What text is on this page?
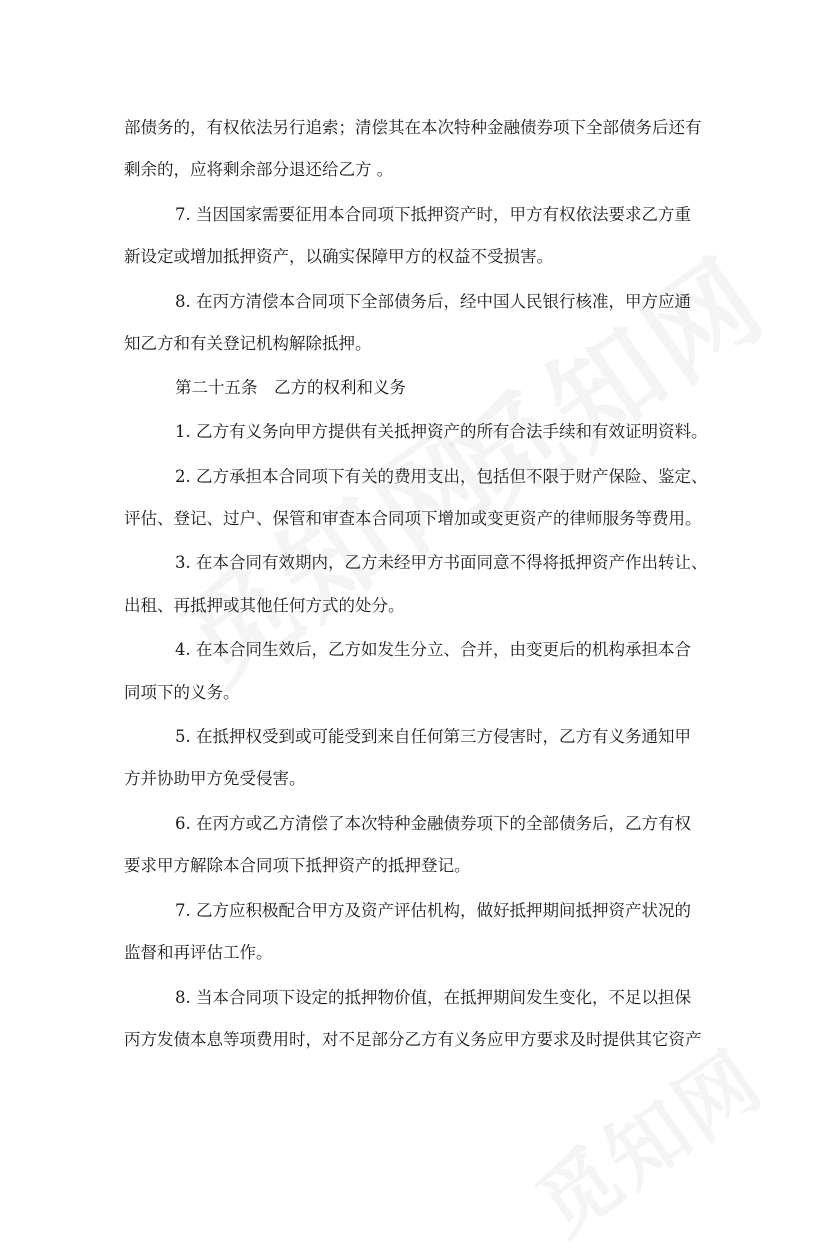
部债务的，有权依法另行追索；清偿其在本次特种金融债券项下全部债务后还有
剩余的，应将剩余部分退还给乙方 。
7. 当因国家需要征用本合同项下抵押资产时，甲方有权依法要求乙方重
新设定或增加抵押资产，以确实保障甲方的权益不受损害。
8. 在丙方清偿本合同项下全部债务后，经中国人民银行核准，甲方应通
知乙方和有关登记机构解除抵押。
第二十五条　乙方的权利和义务
1. 乙方有义务向甲方提供有关抵押资产的所有合法手续和有效证明资料。
2. 乙方承担本合同项下有关的费用支出，包括但不限于财产保险、鉴定、
评估、登记、过户、保管和审查本合同项下增加或变更资产的律师服务等费用。
3. 在本合同有效期内，乙方未经甲方书面同意不得将抵押资产作出转让、
出租、再抵押或其他任何方式的处分。
4. 在本合同生效后，乙方如发生分立、合并，由变更后的机构承担本合
同项下的义务。
5. 在抵押权受到或可能受到来自任何第三方侵害时，乙方有义务通知甲
方并协助甲方免受侵害。
6. 在丙方或乙方清偿了本次特种金融债券项下的全部债务后，乙方有权
要求甲方解除本合同项下抵押资产的抵押登记。
7. 乙方应积极配合甲方及资产评估机构，做好抵押期间抵押资产状况的
监督和再评估工作。
8. 当本合同项下设定的抵押物价值，在抵押期间发生变化，不足以担保
丙方发债本息等项费用时，对不足部分乙方有义务应甲方要求及时提供其它资产
